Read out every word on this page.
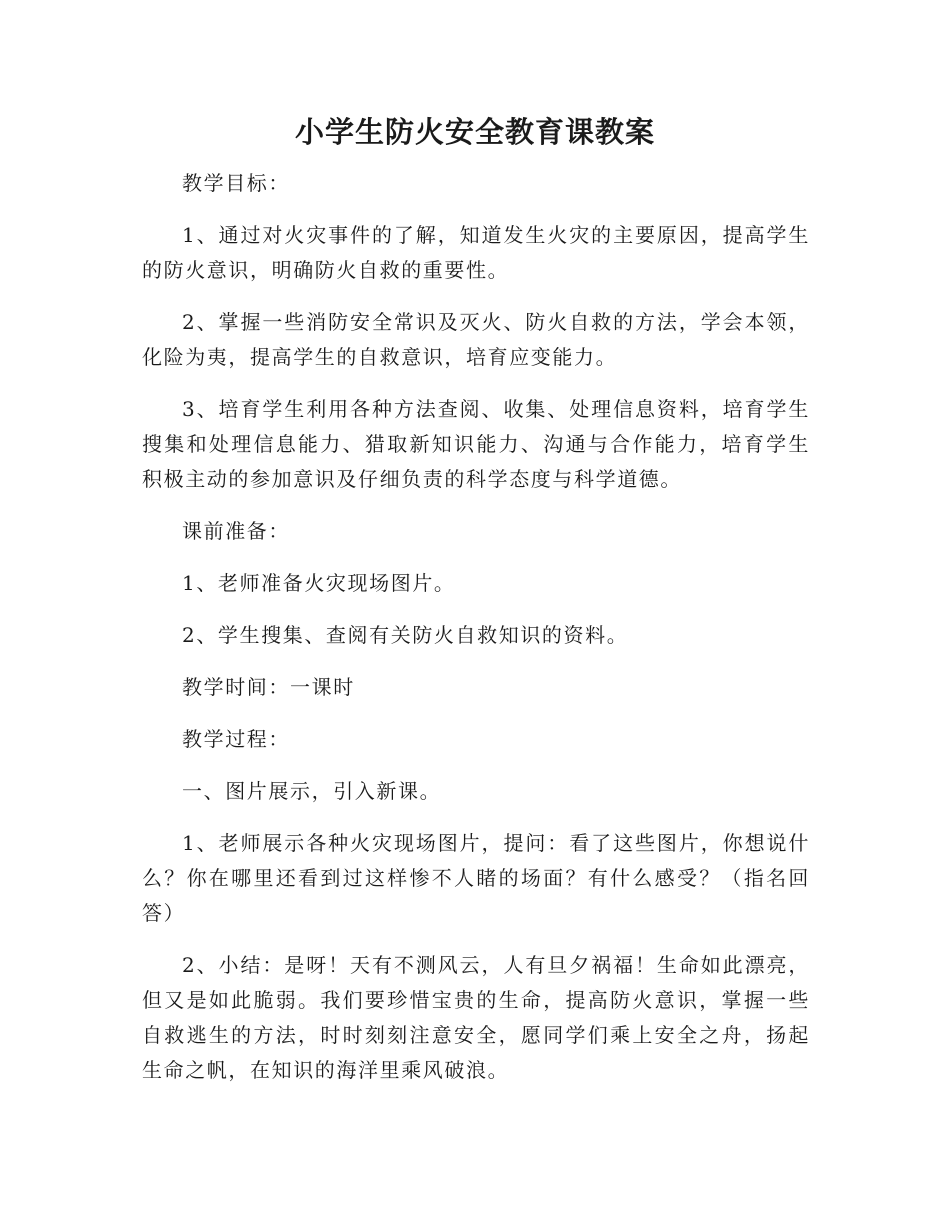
小学生防火安全教育课教案

教学目标：

1、通过对火灾事件的了解，知道发生火灾的主要原因，提高学生的防火意识，明确防火自救的重要性。

2、掌握一些消防安全常识及灭火、防火自救的方法，学会本领，化险为夷，提高学生的自救意识，培育应变能力。

3、培育学生利用各种方法查阅、收集、处理信息资料，培育学生搜集和处理信息能力、猎取新知识能力、沟通与合作能力，培育学生积极主动的参加意识及仔细负责的科学态度与科学道德。

课前准备：

1、老师准备火灾现场图片。

2、学生搜集、查阅有关防火自救知识的资料。

教学时间：一课时

教学过程：

一、图片展示，引入新课。

1、老师展示各种火灾现场图片，提问：看了这些图片，你想说什么？你在哪里还看到过这样惨不人睹的场面？有什么感受？（指名回答）

2、小结：是呀！天有不测风云，人有旦夕祸福！生命如此漂亮，但又是如此脆弱。我们要珍惜宝贵的生命，提高防火意识，掌握一些自救逃生的方法，时时刻刻注意安全，愿同学们乘上安全之舟，扬起生命之帆，在知识的海洋里乘风破浪。
